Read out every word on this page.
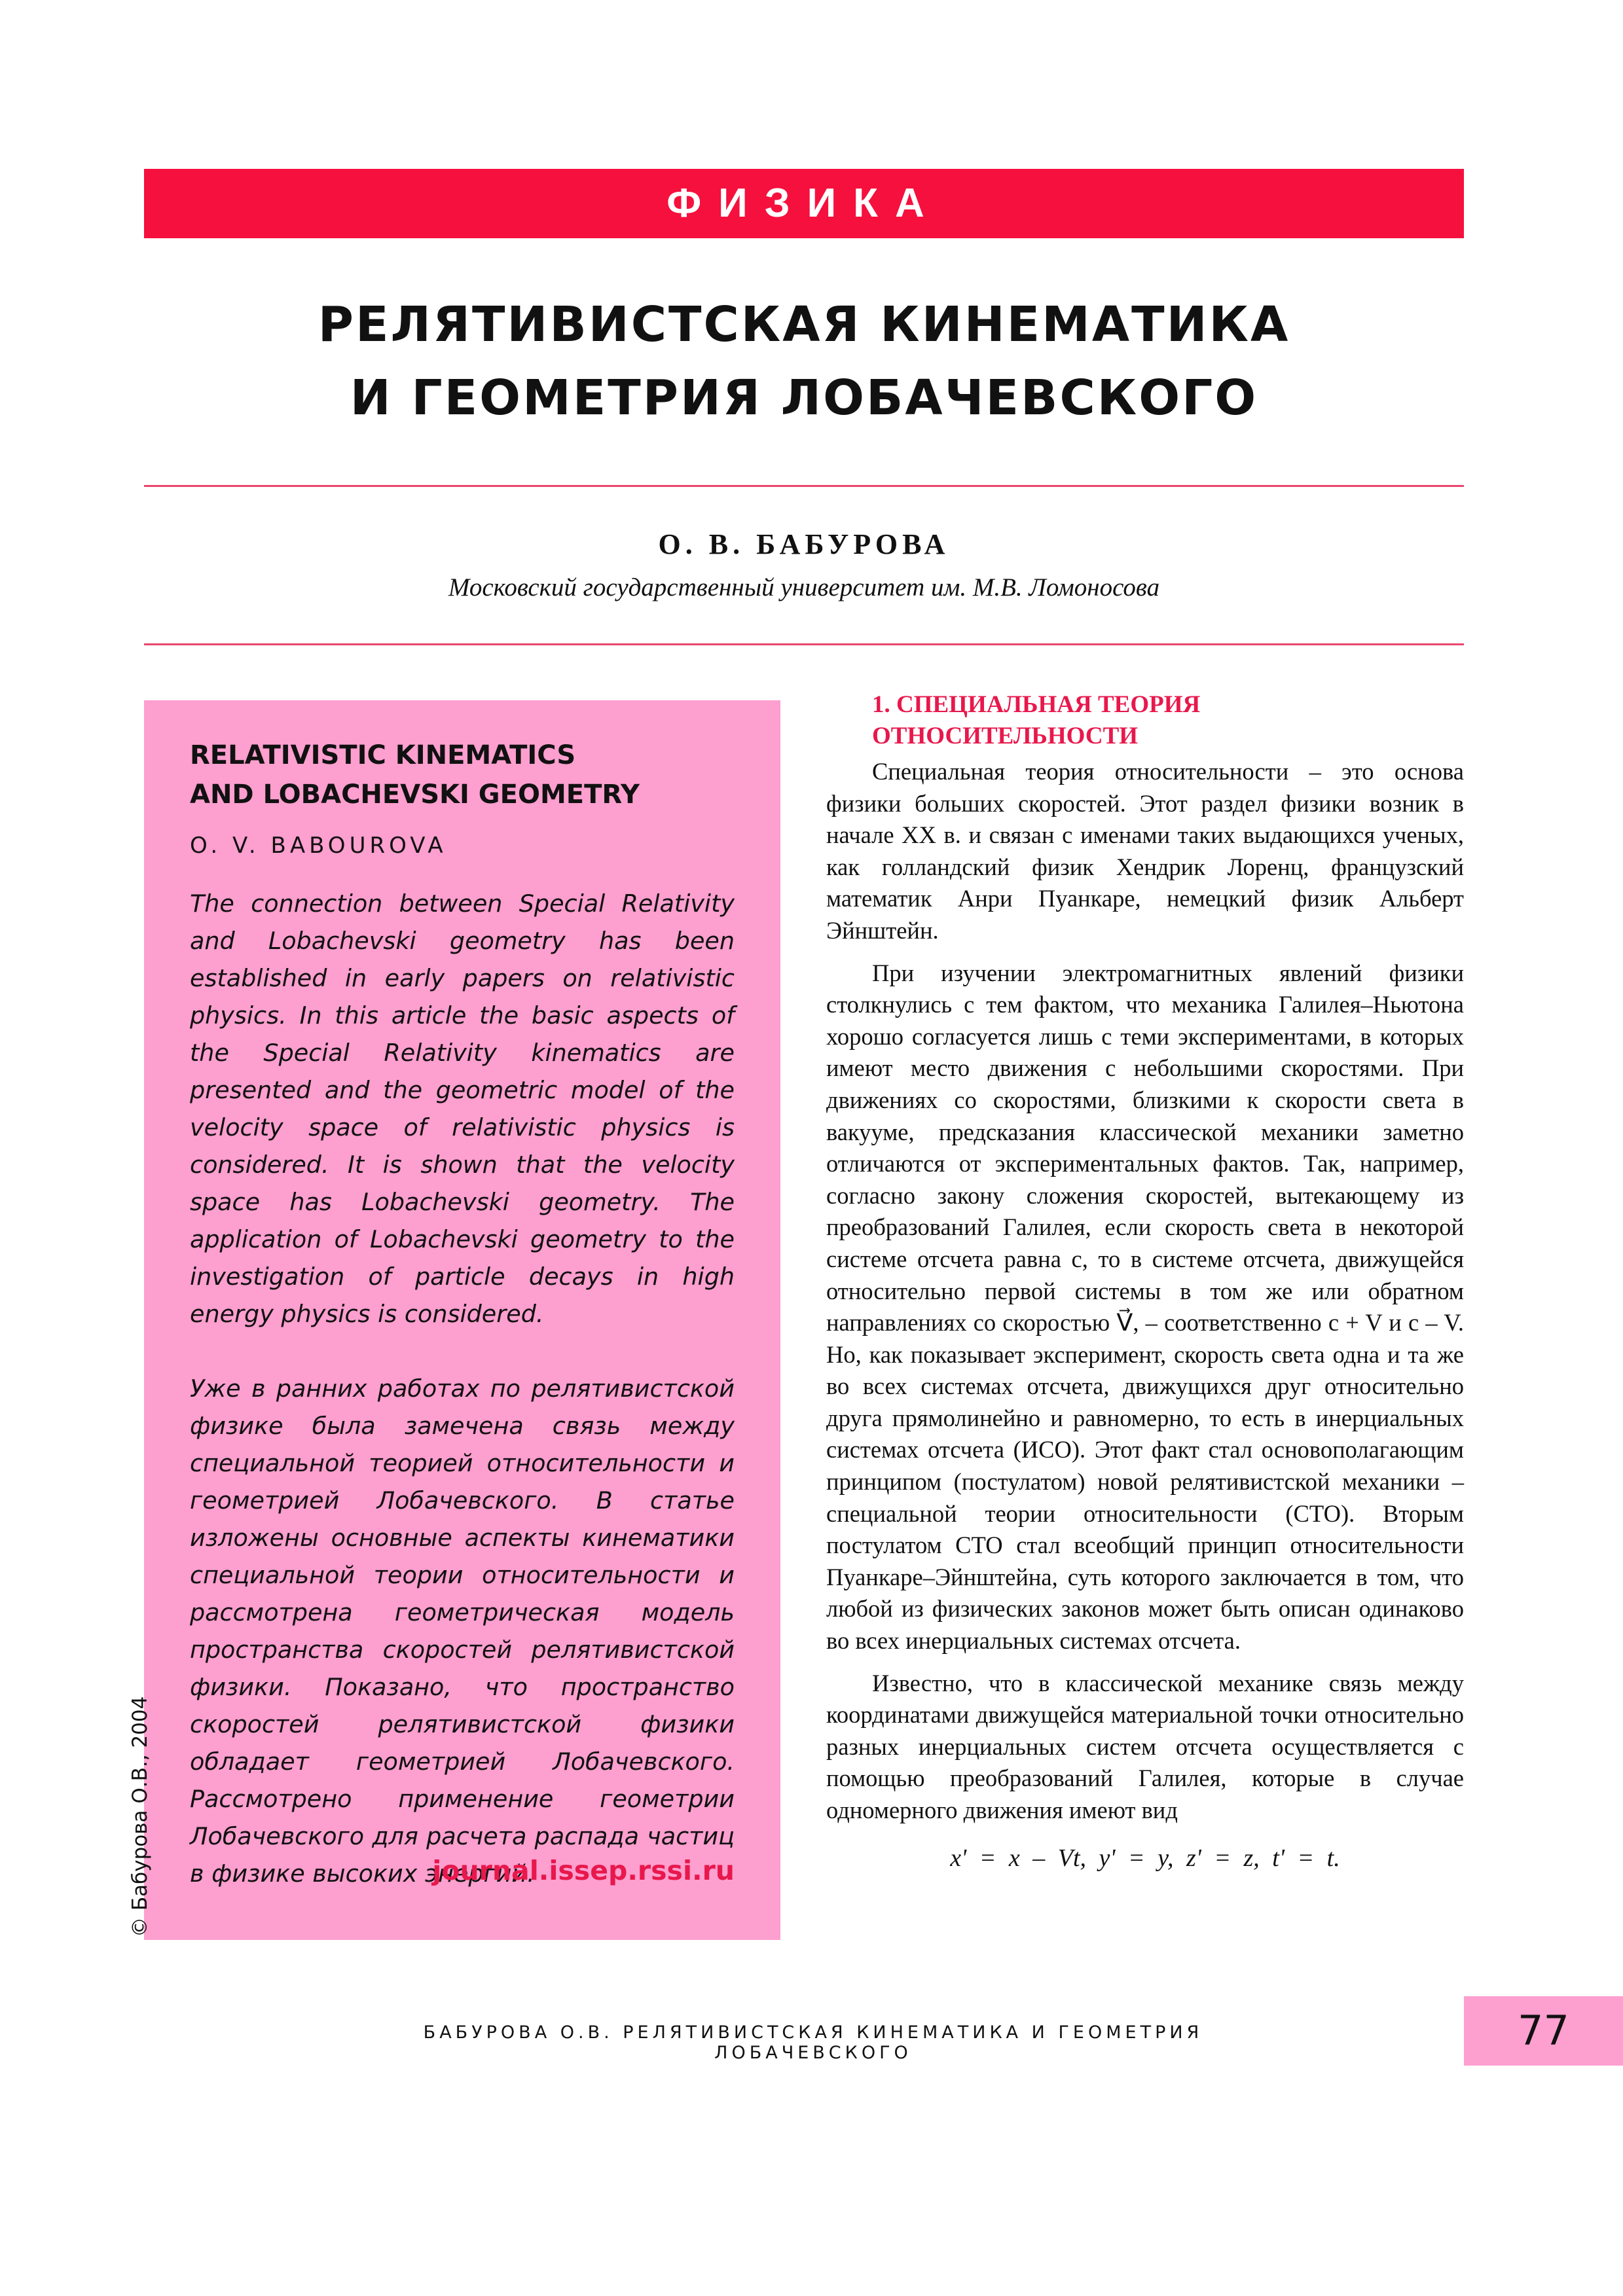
ФИЗИКА
РЕЛЯТИВИСТСКАЯ КИНЕМАТИКА
И ГЕОМЕТРИЯ ЛОБАЧЕВСКОГО
О. В. БАБУРОВА
Московский государственный университет им. М.В. Ломоносова

RELATIVISTIC KINEMATICS
AND LOBACHEVSKI GEOMETRY

O. V. BABOUROVA

The connection between Special Relativity and Lobachevski geometry has been established in early papers on relativistic physics. In this article the basic aspects of the Special Relativity kinematics are presented and the geometric model of the velocity space of relativistic physics is considered. It is shown that the velocity space has Lobachevski geometry. The application of Lobachevski geometry to the investigation of particle decays in high energy physics is considered.

Уже в ранних работах по релятивистской физике была замечена связь между специальной теорией относительности и геометрией Лобачевского. В статье изложены основные аспекты кинематики специальной теории относительности и рассмотрена геометрическая модель пространства скоростей релятивистской физики. Показано, что пространство скоростей релятивистской физики обладает геометрией Лобачевского. Рассмотрено применение геометрии Лобачевского для расчета распада частиц в физике высоких энергий.

journal.issep.rssi.ru
© Бабурова О.В., 2004

1. СПЕЦИАЛЬНАЯ ТЕОРИЯ
ОТНОСИТЕЛЬНОСТИ

Специальная теория относительности – это основа физики больших скоростей. Этот раздел физики возник в начале XX в. и связан с именами таких выдающихся ученых, как голландский физик Хендрик Лоренц, французский математик Анри Пуанкаре, немецкий физик Альберт Эйнштейн.

При изучении электромагнитных явлений физики столкнулись с тем фактом, что механика Галилея–Ньютона хорошо согласуется лишь с теми экспериментами, в которых имеют место движения с небольшими скоростями. При движениях со скоростями, близкими к скорости света в вакууме, предсказания классической механики заметно отличаются от экспериментальных фактов. Так, например, согласно закону сложения скоростей, вытекающему из преобразований Галилея, если скорость света в некоторой системе отсчета равна c, то в системе отсчета, движущейся относительно первой системы в том же или обратном направлениях со скоростью V⃗, – соответственно c + V и c – V. Но, как показывает эксперимент, скорость света одна и та же во всех системах отсчета, движущихся друг относительно друга прямолинейно и равномерно, то есть в инерциальных системах отсчета (ИСО). Этот факт стал основополагающим принципом (постулатом) новой релятивистской механики – специальной теории относительности (СТО). Вторым постулатом СТО стал всеобщий принцип относительности Пуанкаре–Эйнштейна, суть которого заключается в том, что любой из физических законов может быть описан одинаково во всех инерциальных системах отсчета.

Известно, что в классической механике связь между координатами движущейся материальной точки относительно разных инерциальных систем отсчета осуществляется с помощью преобразований Галилея, которые в случае одномерного движения имеют вид

x' = x – Vt, y' = y, z' = z, t' = t.
БАБУРОВА О.В. РЕЛЯТИВИСТСКАЯ КИНЕМАТИКА И ГЕОМЕТРИЯ ЛОБАЧЕВСКОГО	77
